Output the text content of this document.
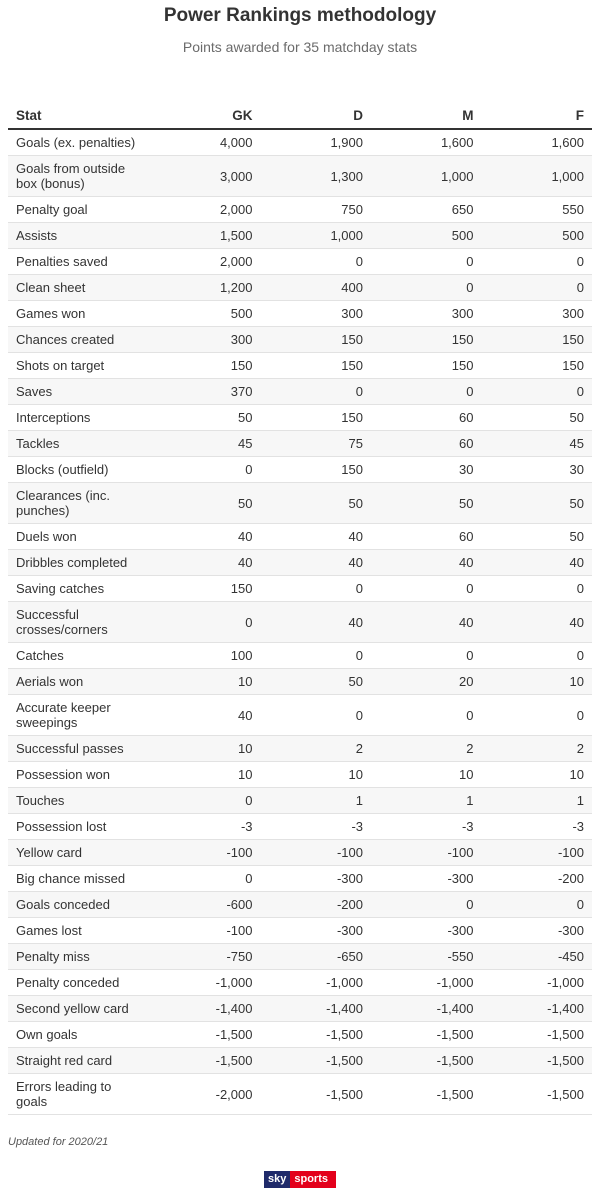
Power Rankings methodology
Points awarded for 35 matchday stats
Stat	GK	D	M	F
Goals (ex. penalties)	4,000	1,900	1,600	1,600
Goals from outside box (bonus)	3,000	1,300	1,000	1,000
Penalty goal	2,000	750	650	550
Assists	1,500	1,000	500	500
Penalties saved	2,000	0	0	0
Clean sheet	1,200	400	0	0
Games won	500	300	300	300
Chances created	300	150	150	150
Shots on target	150	150	150	150
Saves	370	0	0	0
Interceptions	50	150	60	50
Tackles	45	75	60	45
Blocks (outfield)	0	150	30	30
Clearances (inc. punches)	50	50	50	50
Duels won	40	40	60	50
Dribbles completed	40	40	40	40
Saving catches	150	0	0	0
Successful crosses/corners	0	40	40	40
Catches	100	0	0	0
Aerials won	10	50	20	10
Accurate keeper sweepings	40	0	0	0
Successful passes	10	2	2	2
Possession won	10	10	10	10
Touches	0	1	1	1
Possession lost	-3	-3	-3	-3
Yellow card	-100	-100	-100	-100
Big chance missed	0	-300	-300	-200
Goals conceded	-600	-200	0	0
Games lost	-100	-300	-300	-300
Penalty miss	-750	-650	-550	-450
Penalty conceded	-1,000	-1,000	-1,000	-1,000
Second yellow card	-1,400	-1,400	-1,400	-1,400
Own goals	-1,500	-1,500	-1,500	-1,500
Straight red card	-1,500	-1,500	-1,500	-1,500
Errors leading to goals	-2,000	-1,500	-1,500	-1,500
Updated for 2020/21
sky sports
